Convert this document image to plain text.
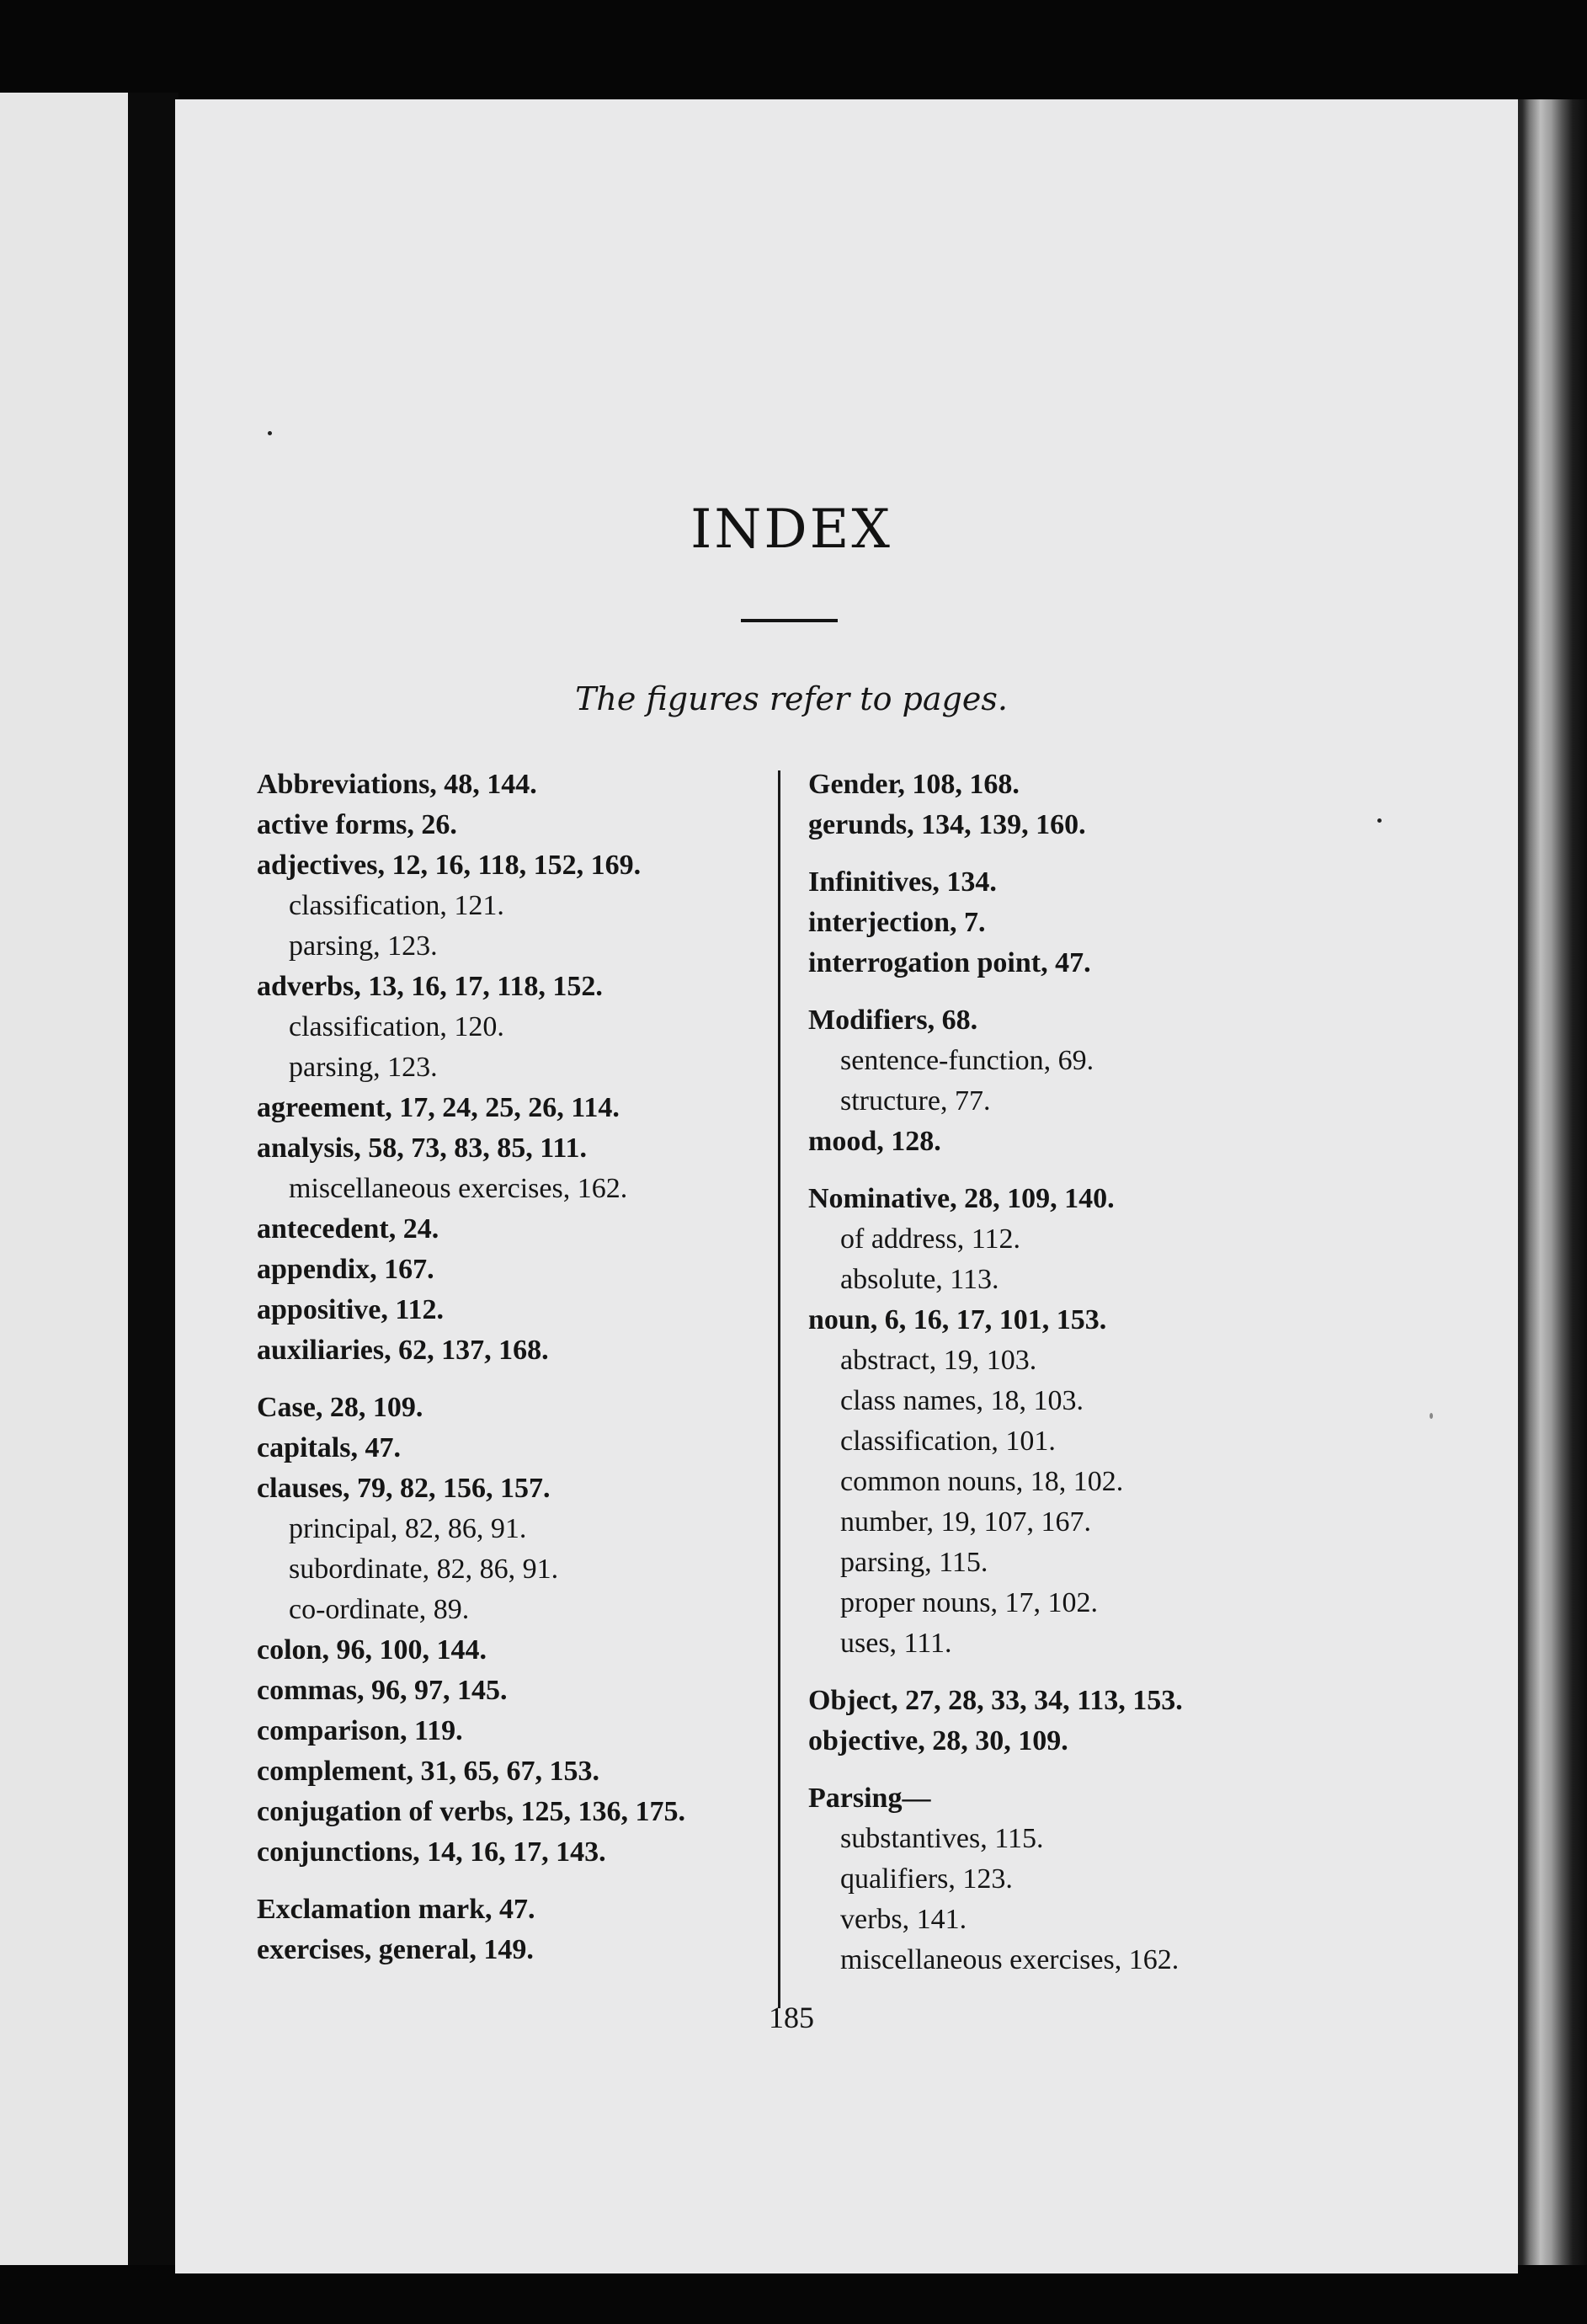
INDEX
The figures refer to pages.
Abbreviations, 48, 144.
active forms, 26.
adjectives, 12, 16, 118, 152, 169.
classification, 121.
parsing, 123.
adverbs, 13, 16, 17, 118, 152.
classification, 120.
parsing, 123.
agreement, 17, 24, 25, 26, 114.
analysis, 58, 73, 83, 85, 111.
miscellaneous exercises, 162.
antecedent, 24.
appendix, 167.
appositive, 112.
auxiliaries, 62, 137, 168.
Case, 28, 109.
capitals, 47.
clauses, 79, 82, 156, 157.
principal, 82, 86, 91.
subordinate, 82, 86, 91.
co-ordinate, 89.
colon, 96, 100, 144.
commas, 96, 97, 145.
comparison, 119.
complement, 31, 65, 67, 153.
conjugation of verbs, 125, 136, 175.
conjunctions, 14, 16, 17, 143.
Exclamation mark, 47.
exercises, general, 149.
Gender, 108, 168.
gerunds, 134, 139, 160.
Infinitives, 134.
interjection, 7.
interrogation point, 47.
Modifiers, 68.
sentence-function, 69.
structure, 77.
mood, 128.
Nominative, 28, 109, 140.
of address, 112.
absolute, 113.
noun, 6, 16, 17, 101, 153.
abstract, 19, 103.
class names, 18, 103.
classification, 101.
common nouns, 18, 102.
number, 19, 107, 167.
parsing, 115.
proper nouns, 17, 102.
uses, 111.
Object, 27, 28, 33, 34, 113, 153.
objective, 28, 30, 109.
Parsing—
substantives, 115.
qualifiers, 123.
verbs, 141.
miscellaneous exercises, 162.
185
